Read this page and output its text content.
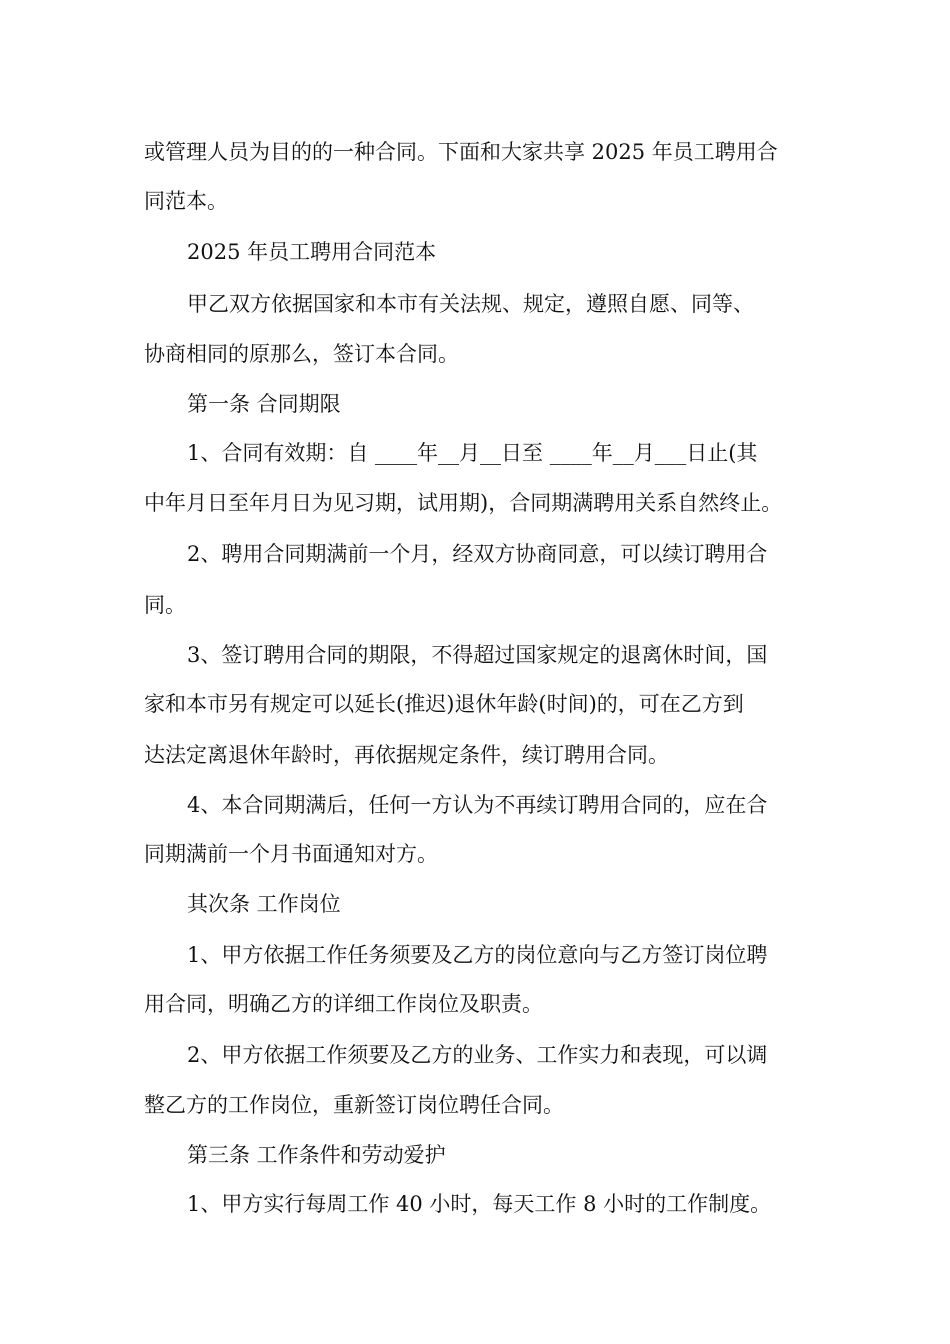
或管理人员为目的的一种合同。下面和大家共享 2025 年员工聘用合
同范本。
2025 年员工聘用合同范本
甲乙双方依据国家和本市有关法规、规定，遵照自愿、同等、
协商相同的原那么，签订本合同。
第一条 合同期限
1、合同有效期：自 ____年__月__日至 ____年__月___日止(其
中年月日至年月日为见习期，试用期)，合同期满聘用关系自然终止。
2、聘用合同期满前一个月，经双方协商同意，可以续订聘用合
同。
3、签订聘用合同的期限，不得超过国家规定的退离休时间，国
家和本市另有规定可以延长(推迟)退休年龄(时间)的，可在乙方到
达法定离退休年龄时，再依据规定条件，续订聘用合同。
4、本合同期满后，任何一方认为不再续订聘用合同的，应在合
同期满前一个月书面通知对方。
其次条 工作岗位
1、甲方依据工作任务须要及乙方的岗位意向与乙方签订岗位聘
用合同，明确乙方的详细工作岗位及职责。
2、甲方依据工作须要及乙方的业务、工作实力和表现，可以调
整乙方的工作岗位，重新签订岗位聘任合同。
第三条 工作条件和劳动爱护
1、甲方实行每周工作 40 小时，每天工作 8 小时的工作制度。
